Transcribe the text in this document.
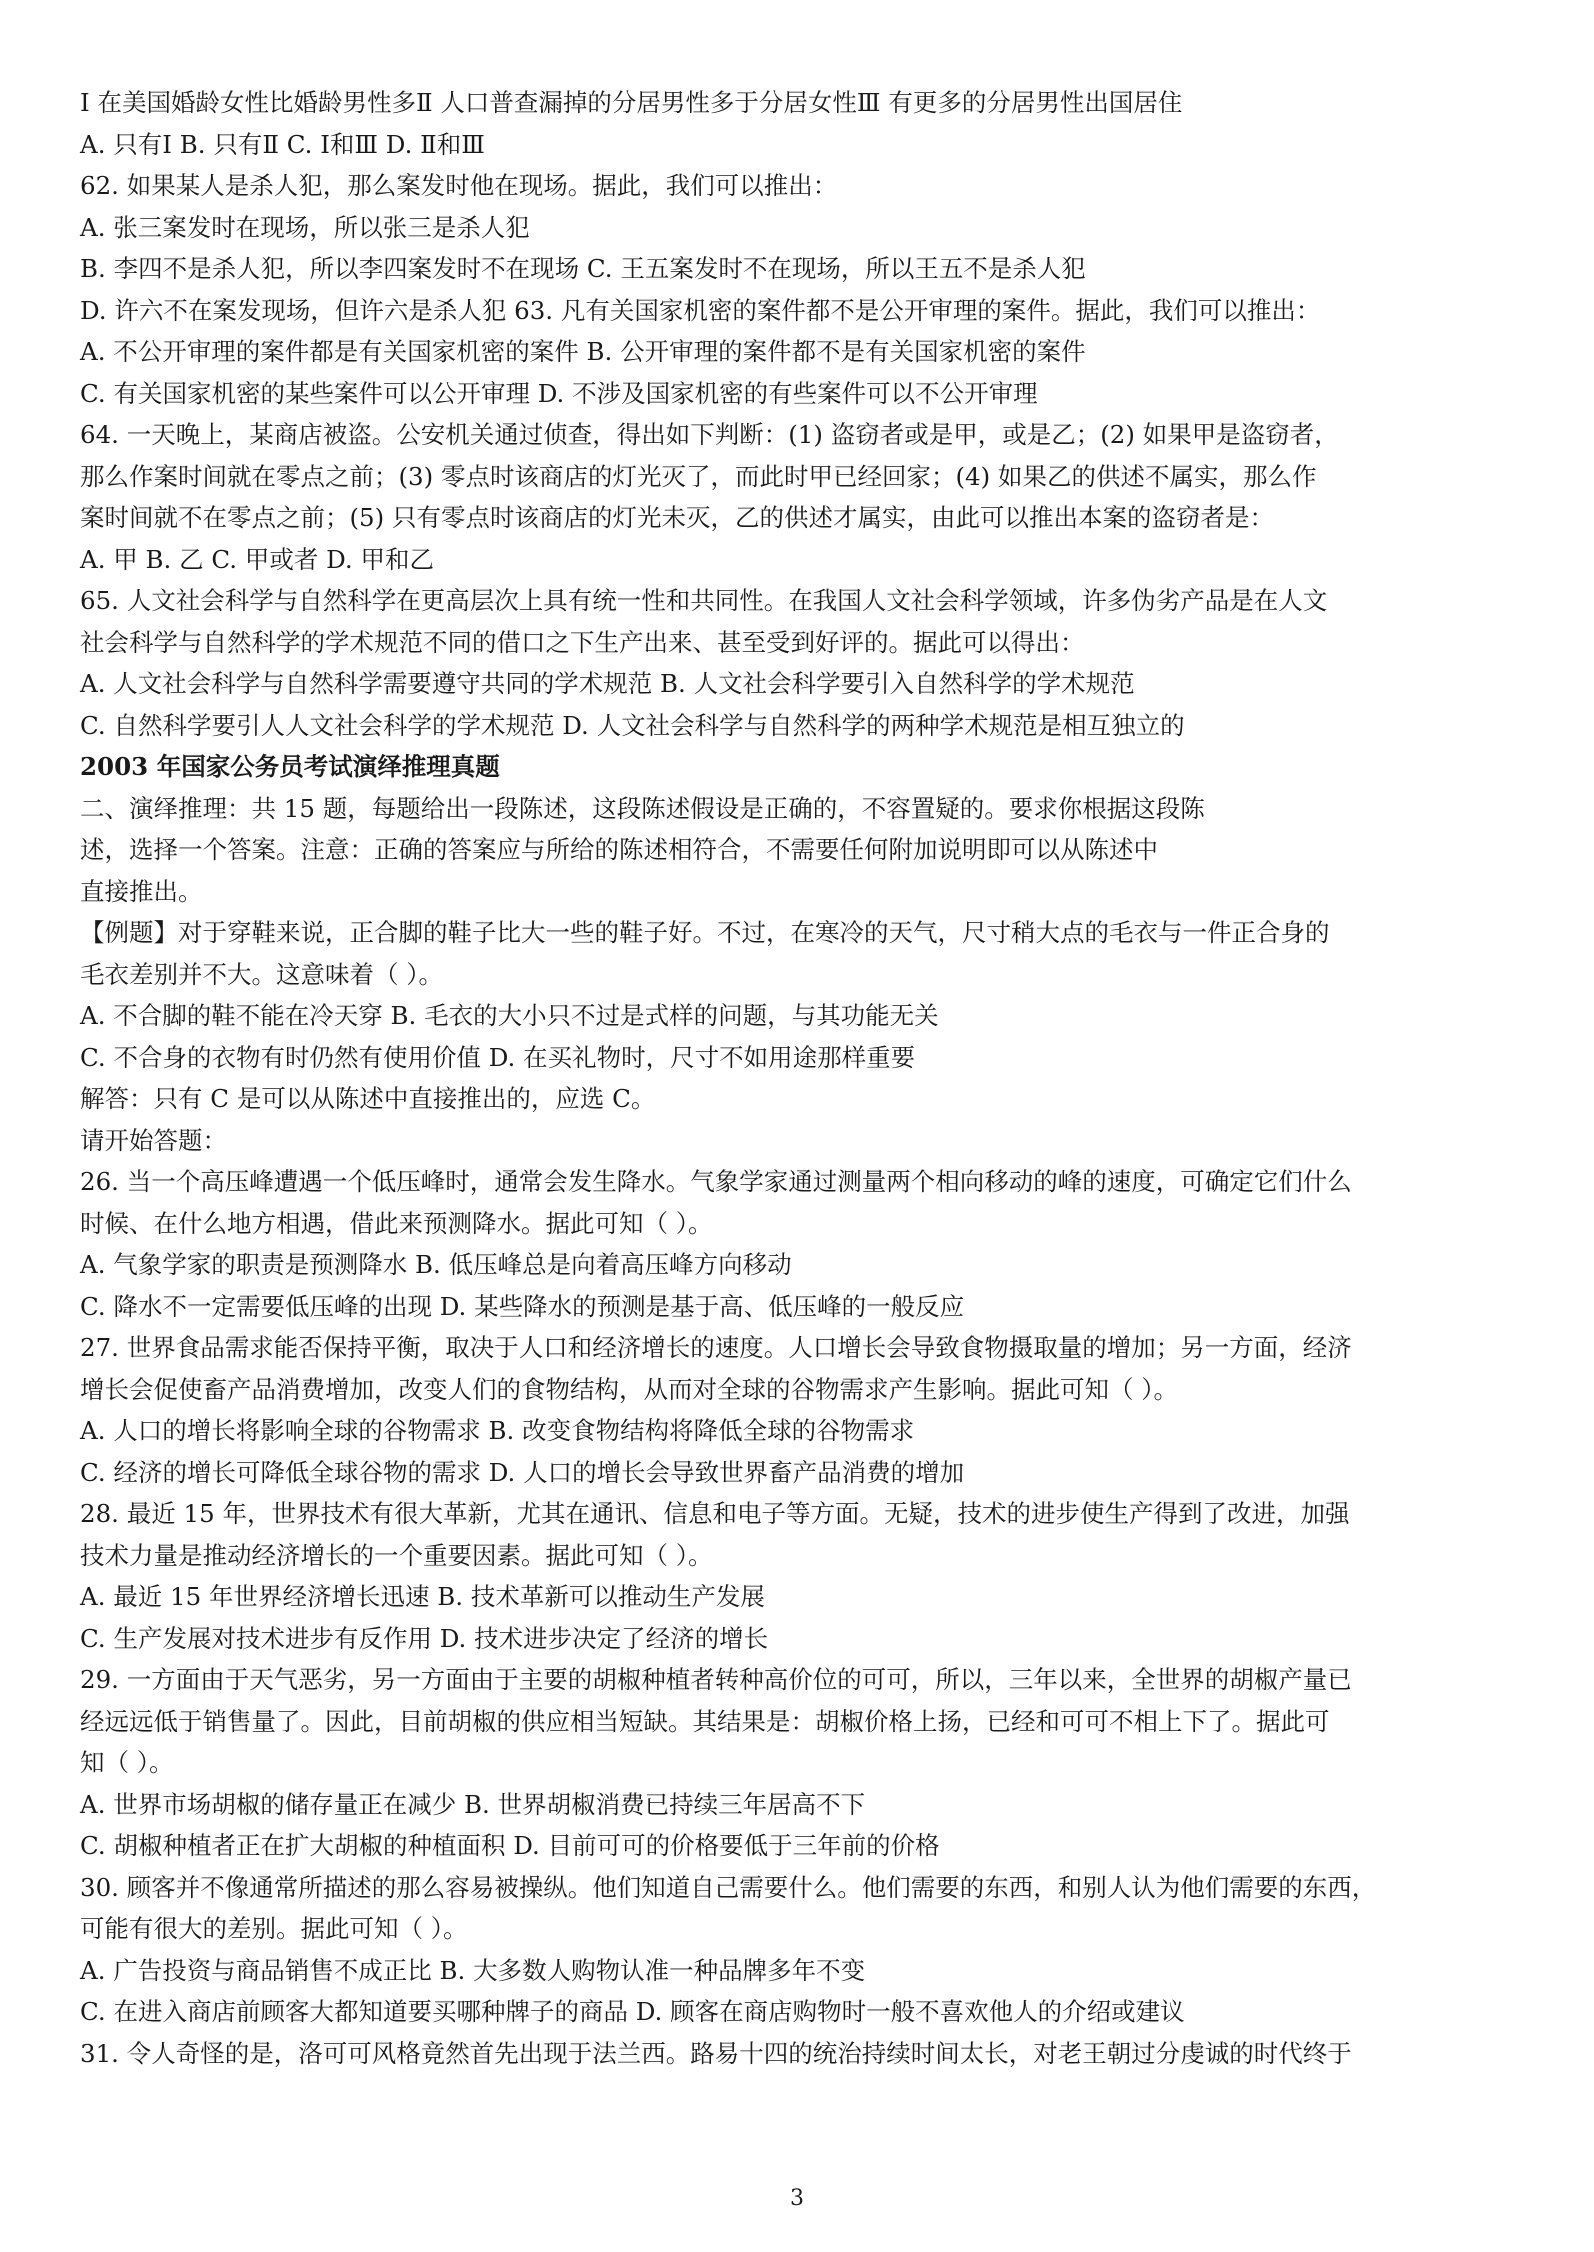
Ⅰ 在美国婚龄女性比婚龄男性多Ⅱ 人口普查漏掉的分居男性多于分居女性Ⅲ 有更多的分居男性出国居住

A. 只有Ⅰ B. 只有Ⅱ C. Ⅰ和Ⅲ D. Ⅱ和Ⅲ

62. 如果某人是杀人犯，那么案发时他在现场。据此，我们可以推出：

A. 张三案发时在现场，所以张三是杀人犯

B. 李四不是杀人犯，所以李四案发时不在现场 C. 王五案发时不在现场，所以王五不是杀人犯

D. 许六不在案发现场，但许六是杀人犯 63. 凡有关国家机密的案件都不是公开审理的案件。据此，我们可以推出：

A. 不公开审理的案件都是有关国家机密的案件 B. 公开审理的案件都不是有关国家机密的案件

C. 有关国家机密的某些案件可以公开审理 D. 不涉及国家机密的有些案件可以不公开审理

64. 一天晚上，某商店被盗。公安机关通过侦查，得出如下判断：(1) 盗窃者或是甲，或是乙；(2) 如果甲是盗窃者，

那么作案时间就在零点之前；(3) 零点时该商店的灯光灭了，而此时甲已经回家；(4) 如果乙的供述不属实，那么作

案时间就不在零点之前；(5) 只有零点时该商店的灯光未灭，乙的供述才属实，由此可以推出本案的盗窃者是：

A. 甲 B. 乙 C. 甲或者 D. 甲和乙

65. 人文社会科学与自然科学在更高层次上具有统一性和共同性。在我国人文社会科学领域，许多伪劣产品是在人文

社会科学与自然科学的学术规范不同的借口之下生产出来、甚至受到好评的。据此可以得出：

A. 人文社会科学与自然科学需要遵守共同的学术规范 B. 人文社会科学要引入自然科学的学术规范

C. 自然科学要引人人文社会科学的学术规范 D. 人文社会科学与自然科学的两种学术规范是相互独立的

2003 年国家公务员考试演绎推理真题

二、演绎推理：共 15 题，每题给出一段陈述，这段陈述假设是正确的，不容置疑的。要求你根据这段陈

述，选择一个答案。注意：正确的答案应与所给的陈述相符合，不需要任何附加说明即可以从陈述中

直接推出。

【例题】对于穿鞋来说，正合脚的鞋子比大一些的鞋子好。不过，在寒冷的天气，尺寸稍大点的毛衣与一件正合身的

毛衣差别并不大。这意味着（ ）。

A. 不合脚的鞋不能在冷天穿 B. 毛衣的大小只不过是式样的问题，与其功能无关

C. 不合身的衣物有时仍然有使用价值 D. 在买礼物时，尺寸不如用途那样重要

解答：只有 C 是可以从陈述中直接推出的，应选 C。

请开始答题：

26. 当一个高压峰遭遇一个低压峰时，通常会发生降水。气象学家通过测量两个相向移动的峰的速度，可确定它们什么

时候、在什么地方相遇，借此来预测降水。据此可知（ ）。

A. 气象学家的职责是预测降水 B. 低压峰总是向着高压峰方向移动

C. 降水不一定需要低压峰的出现 D. 某些降水的预测是基于高、低压峰的一般反应

27. 世界食品需求能否保持平衡，取决于人口和经济增长的速度。人口增长会导致食物摄取量的增加；另一方面，经济

增长会促使畜产品消费增加，改变人们的食物结构，从而对全球的谷物需求产生影响。据此可知（ ）。

A. 人口的增长将影响全球的谷物需求 B. 改变食物结构将降低全球的谷物需求

C. 经济的增长可降低全球谷物的需求 D. 人口的增长会导致世界畜产品消费的增加

28. 最近 15 年，世界技术有很大革新，尤其在通讯、信息和电子等方面。无疑，技术的进步使生产得到了改进，加强

技术力量是推动经济增长的一个重要因素。据此可知（ ）。

A. 最近 15 年世界经济增长迅速 B. 技术革新可以推动生产发展

C. 生产发展对技术进步有反作用 D. 技术进步决定了经济的增长

29. 一方面由于天气恶劣，另一方面由于主要的胡椒种植者转种高价位的可可，所以，三年以来，全世界的胡椒产量已

经远远低于销售量了。因此，目前胡椒的供应相当短缺。其结果是：胡椒价格上扬，已经和可可不相上下了。据此可

知（ ）。

A. 世界市场胡椒的储存量正在减少 B. 世界胡椒消费已持续三年居高不下

C. 胡椒种植者正在扩大胡椒的种植面积 D. 目前可可的价格要低于三年前的价格

30. 顾客并不像通常所描述的那么容易被操纵。他们知道自己需要什么。他们需要的东西，和别人认为他们需要的东西，

可能有很大的差别。据此可知（ ）。

A. 广告投资与商品销售不成正比 B. 大多数人购物认准一种品牌多年不变

C. 在进入商店前顾客大都知道要买哪种牌子的商品 D. 顾客在商店购物时一般不喜欢他人的介绍或建议

31. 令人奇怪的是，洛可可风格竟然首先出现于法兰西。路易十四的统治持续时间太长，对老王朝过分虔诚的时代终于

3
